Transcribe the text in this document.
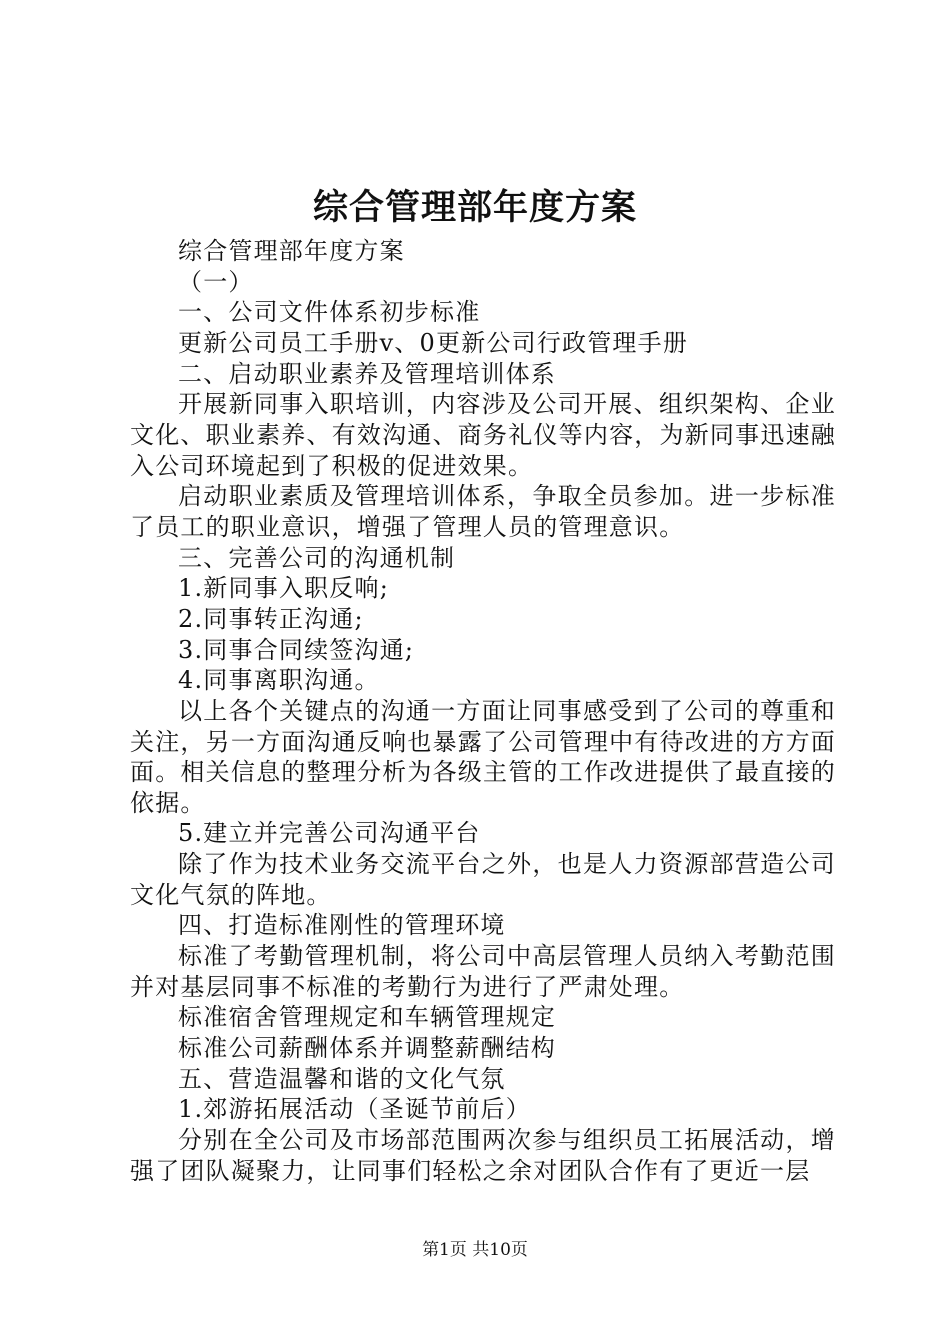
综合管理部年度方案

综合管理部年度方案

（一）

一、公司文件体系初步标准

更新公司员工手册v、0更新公司行政管理手册

二、启动职业素养及管理培训体系

开展新同事入职培训，内容涉及公司开展、组织架构、企业文化、职业素养、有效沟通、商务礼仪等内容，为新同事迅速融入公司环境起到了积极的促进效果。

启动职业素质及管理培训体系，争取全员参加。进一步标准了员工的职业意识，增强了管理人员的管理意识。

三、完善公司的沟通机制

1.新同事入职反响;

2.同事转正沟通;

3.同事合同续签沟通;

4.同事离职沟通。

以上各个关键点的沟通一方面让同事感受到了公司的尊重和关注，另一方面沟通反响也暴露了公司管理中有待改进的方方面面。相关信息的整理分析为各级主管的工作改进提供了最直接的依据。

5.建立并完善公司沟通平台

除了作为技术业务交流平台之外，也是人力资源部营造公司文化气氛的阵地。

四、打造标准刚性的管理环境

标准了考勤管理机制，将公司中高层管理人员纳入考勤范围并对基层同事不标准的考勤行为进行了严肃处理。

标准宿舍管理规定和车辆管理规定

标准公司薪酬体系并调整薪酬结构

五、营造温馨和谐的文化气氛

1.郊游拓展活动（圣诞节前后）

分别在全公司及市场部范围两次参与组织员工拓展活动，增强了团队凝聚力，让同事们轻松之余对团队合作有了更近一层

第1页 共10页
